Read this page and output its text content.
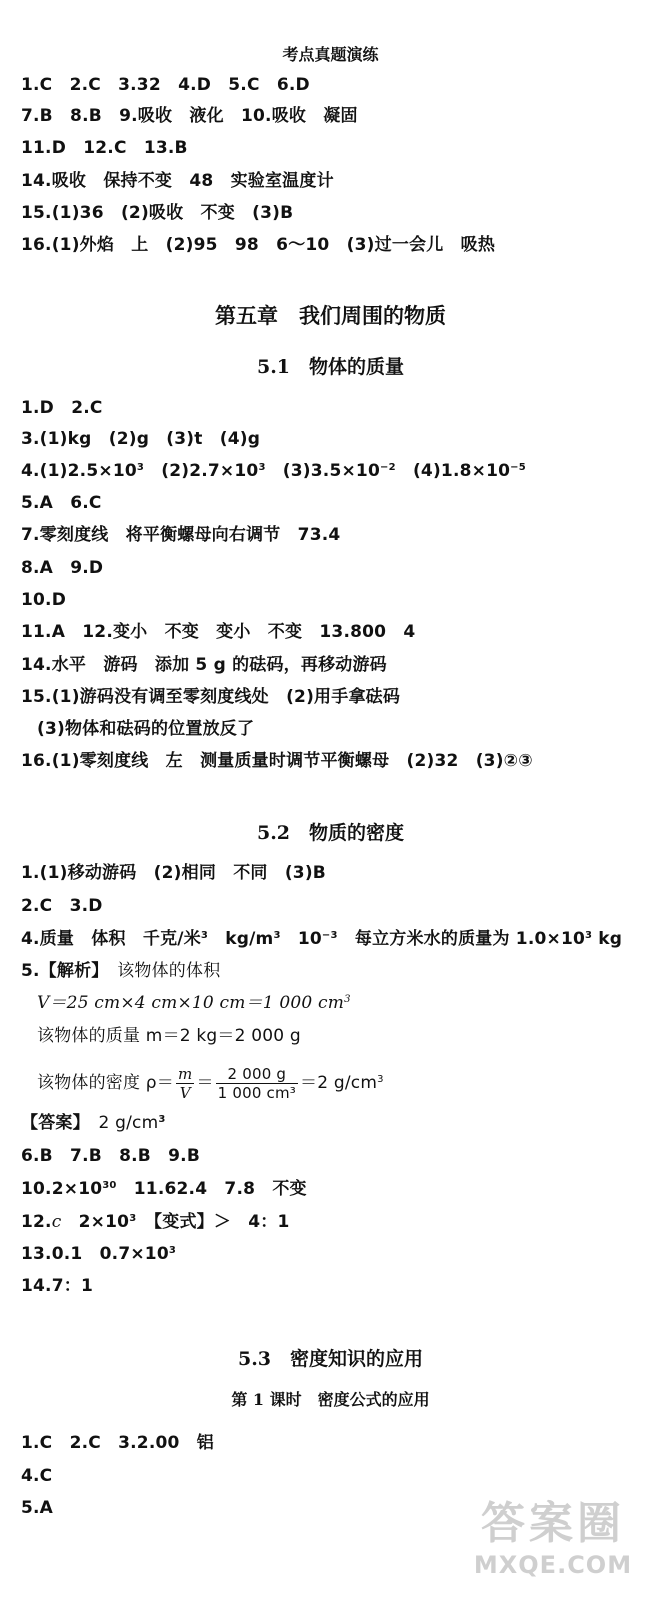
考点真题演练
1.C　2.C　3.32　4.D　5.C　6.D
7.B　8.B　9.吸收　液化　10.吸收　凝固
11.D　12.C　13.B
14.吸收　保持不变　48　实验室温度计
15.(1)36　(2)吸收　不变　(3)B
16.(1)外焰　上　(2)95　98　6～10　(3)过一会儿　吸热
第五章　我们周围的物质
5.1　物体的质量
1.D　2.C
3.(1)kg　(2)g　(3)t　(4)g
$4.(1)2.5\times 10^3$　$(2)2.7\times 10^3$　$(3)3.5\times 10^{-2}$　$(4)1.8\times 10^{-5}$
5.A　6.C
7.零刻度线　将平衡螺母向右调节　73.4
8.A　9.D
10.D
11.A　12.变小　不变　变小　不变　13.800　4
14.水平　游码　添加 5 g 的砝码，再移动游码
15.(1)游码没有调至零刻度线处　(2)用手拿砝码
(3)物体和砝码的位置放反了
16.(1)零刻度线　左　测量质量时调节平衡螺母　(2)32　(3)②③
5.2　物质的密度
1.(1)移动游码　(2)相同　不同　(3)B
2.C　3.D
4.质量　体积　千克/米$^3$　$kg/m^3$　$10^{-3}$　每立方米水的质量为 $1.0\times 10^3$ kg
5.【解析】　该物体的体积
V＝25 cm×4 cm×10 cm＝1 000 $cm^3$
该物体的质量 m＝2 kg＝2 000 g
该物体的密度 $\rho= \frac{m}{V} = \frac{2 000 g}{\text{1 000 cm³}} =2$ $g/cm^3$
【答案】　2 $g/cm^3$
6.B　7.B　8.B　9.B
$10.2\times 10^{30}$　11.62.4　7.8　不变
12.c　$2\times 10^3$　【变式】＞　4：1
13.0.1　$0.7\times 10^3$
14.7：1
5.3　密度知识的应用
第 1 课时　密度公式的应用
1.C　2.C　3.2.00　铝
4.C
5.A	答案圈
MXQE.COM
